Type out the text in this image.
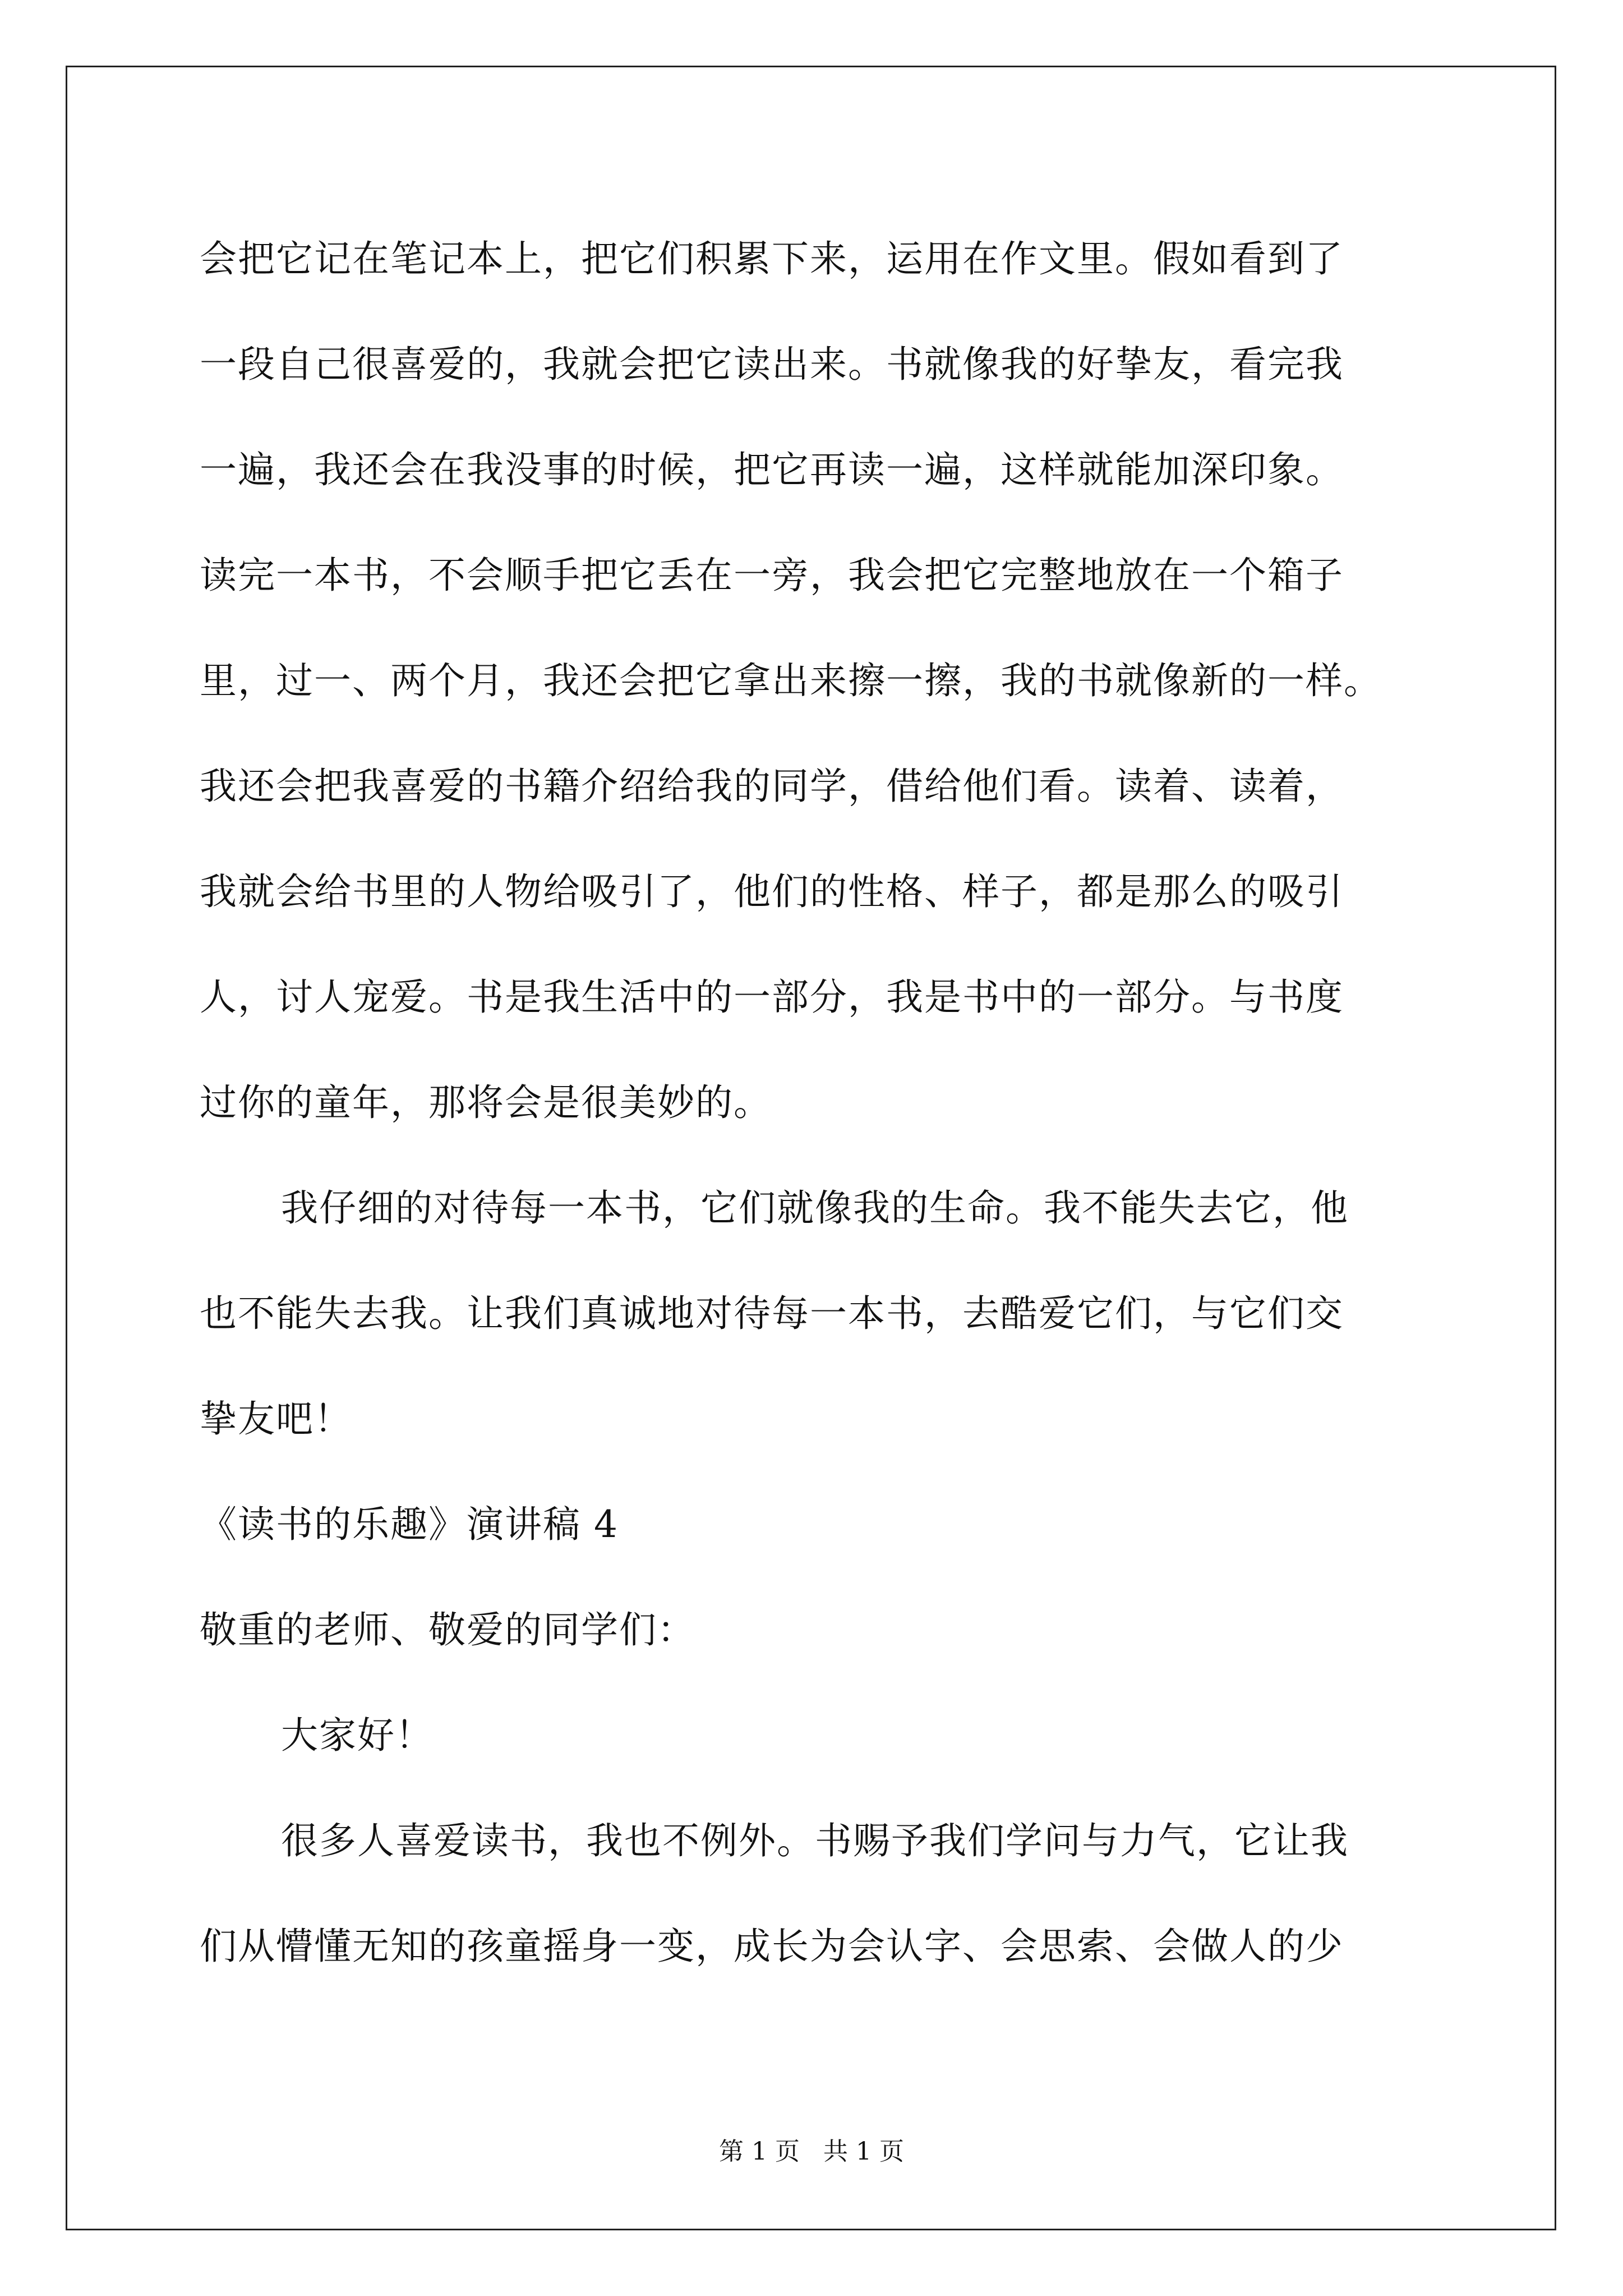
会把它记在笔记本上，把它们积累下来，运用在作文里。假如看到了
一段自己很喜爱的，我就会把它读出来。书就像我的好挚友，看完我
一遍，我还会在我没事的时候，把它再读一遍，这样就能加深印象。
读完一本书，不会顺手把它丢在一旁，我会把它完整地放在一个箱子
里，过一、两个月，我还会把它拿出来擦一擦，我的书就像新的一样。
我还会把我喜爱的书籍介绍给我的同学，借给他们看。读着、读着，
我就会给书里的人物给吸引了，他们的性格、样子，都是那么的吸引
人，讨人宠爱。书是我生活中的一部分，我是书中的一部分。与书度
过你的童年，那将会是很美妙的。
我仔细的对待每一本书，它们就像我的生命。我不能失去它，他
也不能失去我。让我们真诚地对待每一本书，去酷爱它们，与它们交
挚友吧！
《读书的乐趣》演讲稿 4
敬重的老师、敬爱的同学们：
大家好！
很多人喜爱读书，我也不例外。书赐予我们学问与力气，它让我
们从懵懂无知的孩童摇身一变，成长为会认字、会思索、会做人的少
第 1 页   共 1 页
